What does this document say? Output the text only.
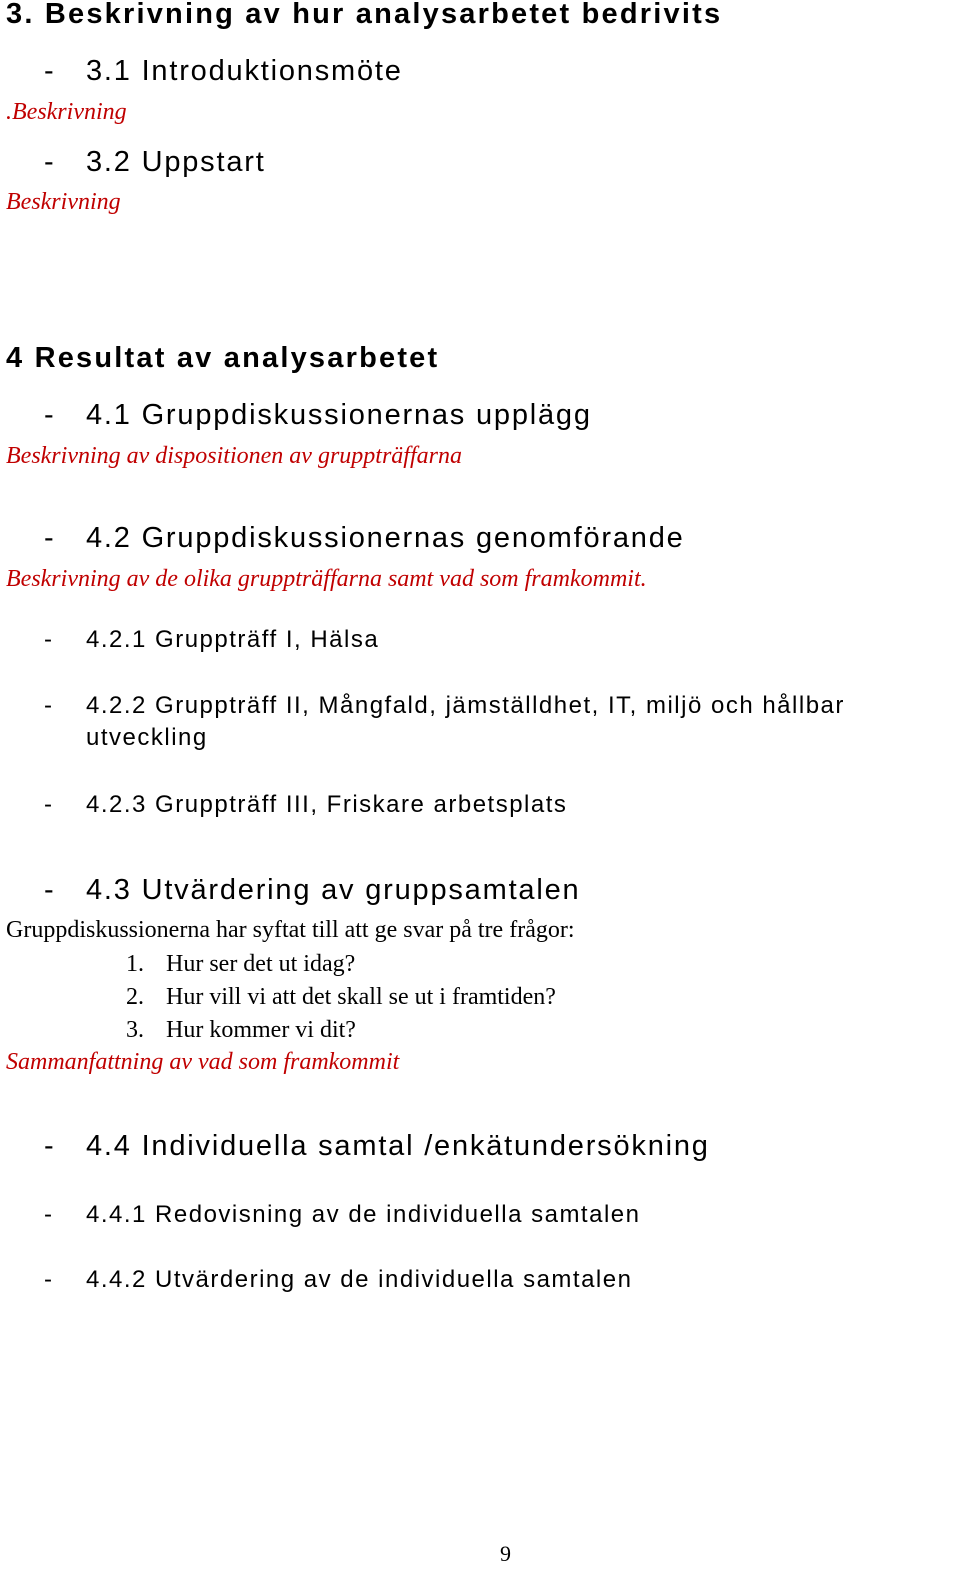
3. Beskrivning av hur analysarbetet bedrivits
- 3.1 Introduktionsmöte
.Beskrivning
- 3.2 Uppstart
Beskrivning
4 Resultat av analysarbetet
- 4.1 Gruppdiskussionernas upplägg
Beskrivning av dispositionen av gruppträffarna
- 4.2 Gruppdiskussionernas genomförande
Beskrivning av de olika gruppträffarna samt vad som framkommit.
- 4.2.1 Gruppträff I, Hälsa
- 4.2.2 Gruppträff II, Mångfald, jämställdhet, IT, miljö och hållbar
utveckling
- 4.2.3 Gruppträff III, Friskare arbetsplats
- 4.3 Utvärdering av gruppsamtalen
Gruppdiskussionerna har syftat till att ge svar på tre frågor:
1. Hur ser det ut idag?
2. Hur vill vi att det skall se ut i framtiden?
3. Hur kommer vi dit?
Sammanfattning av vad som framkommit
- 4.4 Individuella samtal /enkätundersökning
- 4.4.1 Redovisning av de individuella samtalen
- 4.4.2 Utvärdering av de individuella samtalen
9
